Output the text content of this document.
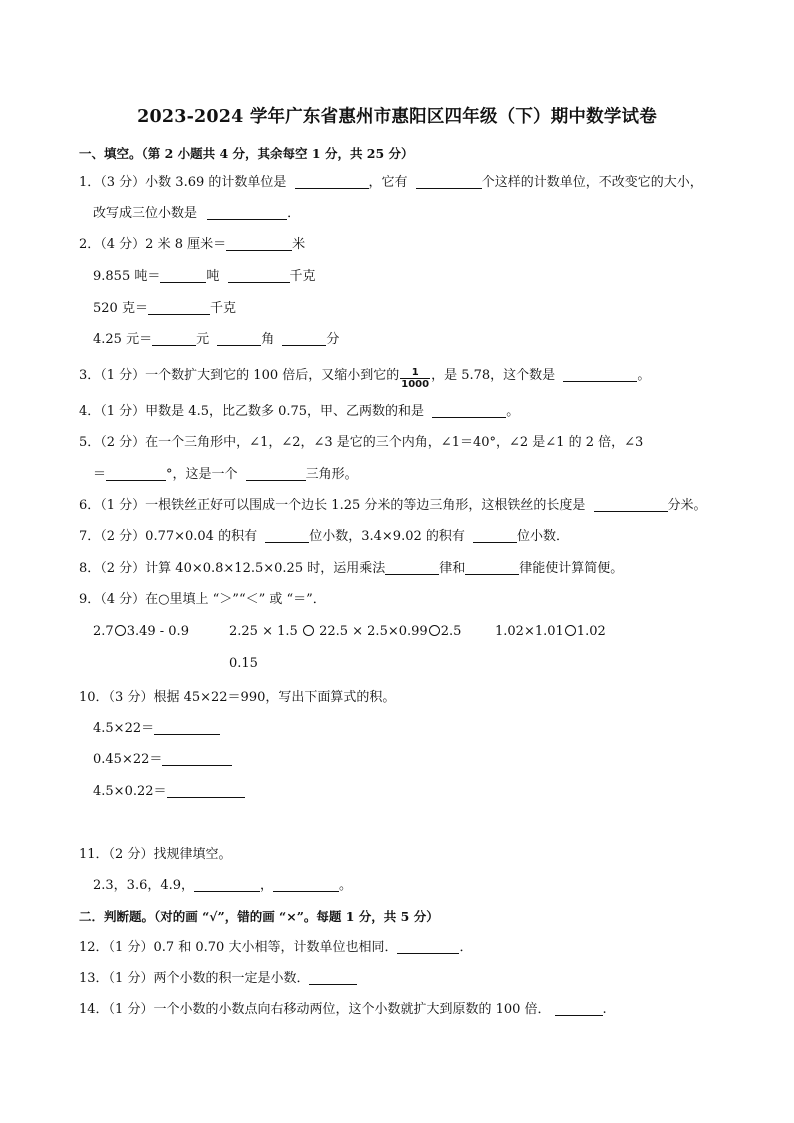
2023-2024 学年广东省惠州市惠阳区四年级（下）期中数学试卷
一、填空。（第 2 小题共 4 分，其余每空 1 分，共 25 分）
1．（3 分）小数 3.69 的计数单位是	，它有	个这样的计数单位，不改变它的大小，
改写成三位小数是	．
2．（4 分）2 米 8 厘米＝	米
9.855 吨＝	吨	千克
520 克＝	千克
4.25 元＝	元	角	分
3．（1 分）一个数扩大到它的 100 倍后，又缩小到它的 $\frac{1}{1000}$ ，是 5.78，这个数是	。
4．（1 分）甲数是 4.5，比乙数多 0.75，甲、乙两数的和是	。
5．（2 分）在一个三角形中，∠1，∠2，∠3 是它的三个内角，∠1＝40°，∠2 是∠1 的 2 倍，∠3
＝	°，这是一个	三角形。
6．（1 分）一根铁丝正好可以围成一个边长 1.25 分米的等边三角形，这根铁丝的长度是	分米。
7．（2 分）0.77×0.04 的积有	位小数，3.4×9.02 的积有	位小数．
8．（2 分）计算 40×0.8×12.5×0.25 时，运用乘法	律和	律能使计算简便。
9．（4 分）在○里填上 “＞”“＜” 或 “＝”．
2.7 3.49 - 0.9	2.25 × 1.5 22.5 × 2.5×0.99 2.5	1.02×1.01 1.02
0.15
10．（3 分）根据 45×22＝990，写出下面算式的积。
4.5×22＝
0.45×22＝
4.5×0.22＝
11．（2 分）找规律填空。
2.3，3.6，4.9，	，	。
二．判断题。（对的画 “√”，错的画 “×”。每题 1 分，共 5 分）
12．（1 分）0.7 和 0.70 大小相等，计数单位也相同．	．
13．（1 分）两个小数的积一定是小数．
14．（1 分）一个小数的小数点向右移动两位，这个小数就扩大到原数的 100 倍．	.
